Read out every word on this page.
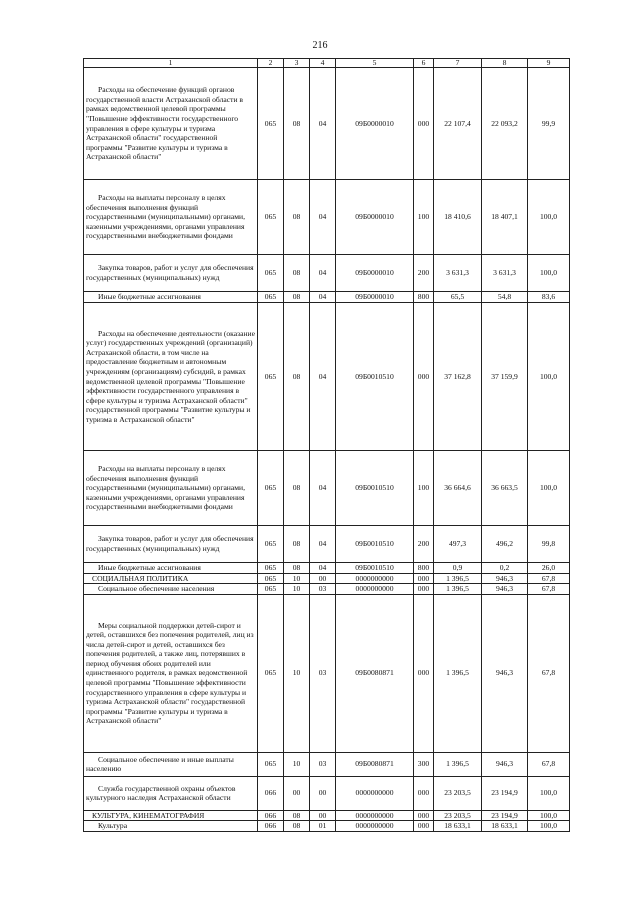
216
1	2	3	4	5	6	7	8	9
Расходы на обеспечение функций органов государственной власти Астраханской области в рамках ведомственной целевой программы "Повышение эффективности государственного управления в сфере культуры и туризма Астраханской области" государственной программы "Развитие культуры и туризма в Астраханской области"	065	08	04	09Б0000010	000	22 107,4	22 093,2	99,9
Расходы на выплаты персоналу в целях обеспечения выполнения функций государственными (муниципальными) органами, казенными учреждениями, органами управления государственными внебюджетными фондами	065	08	04	09Б0000010	100	18 410,6	18 407,1	100,0
Закупка товаров, работ и услуг для обеспечения государственных (муниципальных) нужд	065	08	04	09Б0000010	200	3 631,3	3 631,3	100,0
Иные бюджетные ассигнования	065	08	04	09Б0000010	800	65,5	54,8	83,6
Расходы на обеспечение деятельности (оказание услуг) государственных учреждений (организаций) Астраханской области, в том числе на предоставление бюджетным и автономным учреждениям (организациям) субсидий, в рамках ведомственной целевой программы "Повышение эффективности государственного управления в сфере культуры и туризма Астраханской области" государственной программы "Развитие культуры и туризма в Астраханской области"	065	08	04	09Б0010510	000	37 162,8	37 159,9	100,0
Расходы на выплаты персоналу в целях обеспечения выполнения функций государственными (муниципальными) органами, казенными учреждениями, органами управления государственными внебюджетными фондами	065	08	04	09Б0010510	100	36 664,6	36 663,5	100,0
Закупка товаров, работ и услуг для обеспечения государственных (муниципальных) нужд	065	08	04	09Б0010510	200	497,3	496,2	99,8
Иные бюджетные ассигнования	065	08	04	09Б0010510	800	0,9	0,2	26,0
СОЦИАЛЬНАЯ ПОЛИТИКА	065	10	00	0000000000	000	1 396,5	946,3	67,8
Социальное обеспечение населения	065	10	03	0000000000	000	1 396,5	946,3	67,8
Меры социальной поддержки детей-сирот и детей, оставшихся без попечения родителей, лиц из числа детей-сирот и детей, оставшихся без попечения родителей, а также лиц, потерявших в период обучения обоих родителей или единственного родителя, в рамках ведомственной целевой программы "Повышение эффективности государственного управления в сфере культуры и туризма Астраханской области" государственной программы "Развитие культуры и туризма в Астраханской области"	065	10	03	09Б0080871	000	1 396,5	946,3	67,8
Социальное обеспечение и иные выплаты населению	065	10	03	09Б0080871	300	1 396,5	946,3	67,8
Служба государственной охраны объектов культурного наследия Астраханской области	066	00	00	0000000000	000	23 203,5	23 194,9	100,0
КУЛЬТУРА, КИНЕМАТОГРАФИЯ	066	08	00	0000000000	000	23 203,5	23 194,9	100,0
Культура	066	08	01	0000000000	000	18 633,1	18 633,1	100,0
